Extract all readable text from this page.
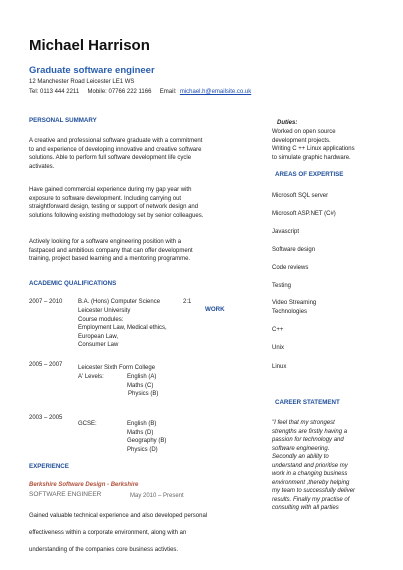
Michael Harrison
Graduate software engineer
12 Manchester Road Leicester LE1 WS
Tel: 0113 444 2211 Mobile: 07766 222 1166 Email: michael.h@emailsite.co.uk
PERSONAL SUMMARY
A creative and professional software graduate with a commitment
to and experience of developing innovative and creative software
solutions. Able to perform full software development life cycle
activates.
Have gained commercial experience during my gap year with
exposure to software development. Including carrying out
straightforward design, testing or support of network design and
solutions following existing methodology set by senior colleagues.
Actively looking for a software engineering position with a
fastpaced and ambitious company that can offer development
training, project based learning and a mentoring programme.
ACADEMIC QUALIFICATIONS
2007 – 2010	B.A. (Hons) Computer Science	2:1
WORK
Leicester University
Course modules:
Employment Law, Medical ethics,
European Law,
Consumer Law
2005 – 2007	Leicester Sixth Form College
A' Levels:	English (A)
Maths (C)
Physics (B)
2003 – 2005
GCSE:	English (B)
Maths (D)
Geography (B)
Physics (D)
EXPERIENCE
Berkshire Software Design - Berkshire
SOFTWARE ENGINEER	May 2010 – Present
Gained valuable technical experience and also developed personal
effectiveness within a corporate environment, along with an
understanding of the companies core business activties.
Duties:
Worked on open source
development projects.
Writing C ++ Linux applications
to simulate graphic hardware.
AREAS OF EXPERTISE
Microsoft SQL server
Microsoft ASP.NET (C#)
Javascript
Software design
Code reviews
Testing
Video Streaming
Technologies
C++
Unix
Linux
CAREER STATEMENT
"I feel that my strongest
strengths are firstly having a
passion for technology and
software engineering.
Secondly an ability to
understand and prioritise my
work in a changing business
environment ,thereby helping
my team to successfully deliver
results. Finally my practise of
consulting with all parties
